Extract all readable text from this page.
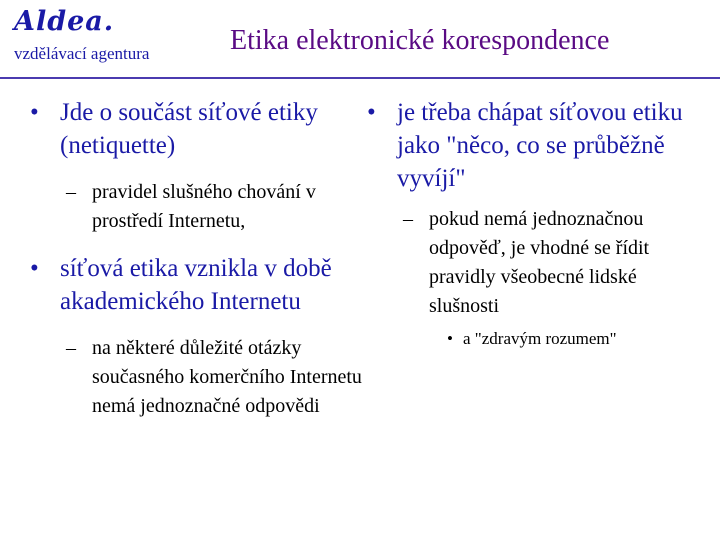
Aldea.
vzdělávací agentura	Etika elektronické korespondence
• Jde o součást síťové etiky (netiquette)
– pravidel slušného chování v prostředí Internetu,
• síťová etika vznikla v době akademického Internetu
– na některé důležité otázky současného komerčního Internetu nemá jednoznačné odpovědi
• je třeba chápat síťovou etiku jako "něco, co se průběžně vyvíjí"
– pokud nemá jednoznačnou odpověď, je vhodné se řídit pravidly všeobecné lidské slušnosti
• a "zdravým rozumem"
